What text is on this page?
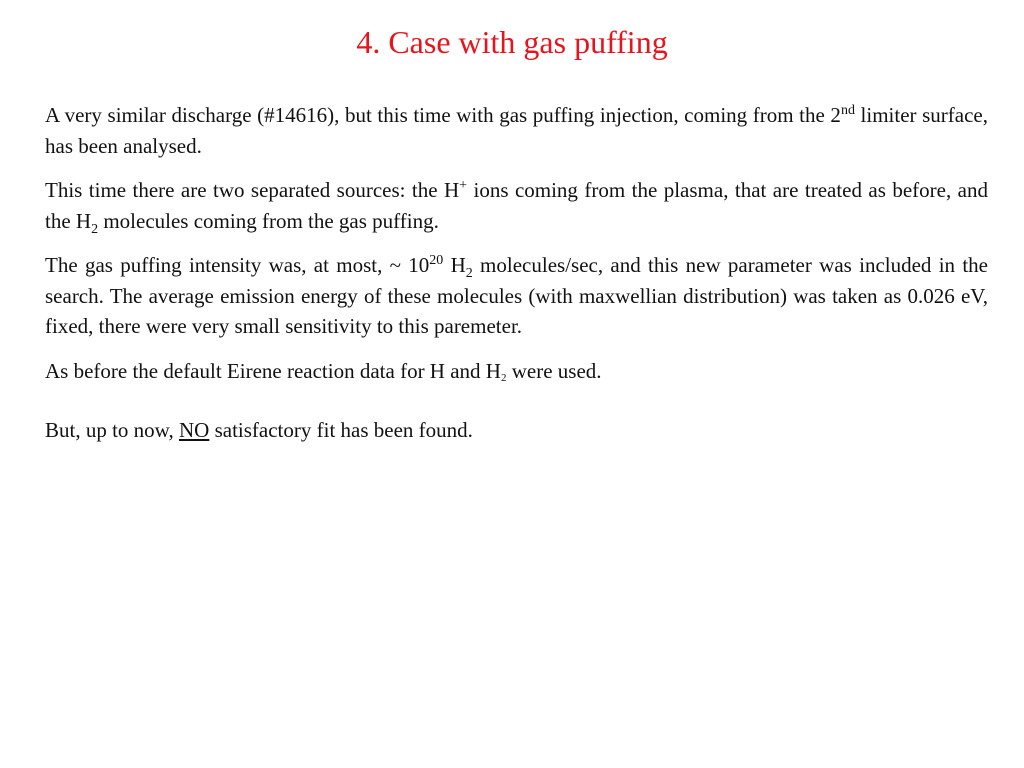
4. Case with gas puffing

A very similar discharge (#14616), but this time with gas puffing injection, coming from the 2nd limiter surface, has been analysed.

This time there are two separated sources: the H+ ions coming from the plasma, that are treated as before, and the $H_2$ molecules coming from the gas puffing.

The gas puffing intensity was, at most, ~ $10^{20}$ $H_2$ molecules/sec, and this new parameter was included in the search. The average emission energy of these molecules (with maxwellian distribution) was taken as 0.026 eV, fixed, there were very small sensitivity to this paremeter.

As before the default Eirene reaction data for H and $H_2$ were used.

But, up to now, NO satisfactory fit has been found.
